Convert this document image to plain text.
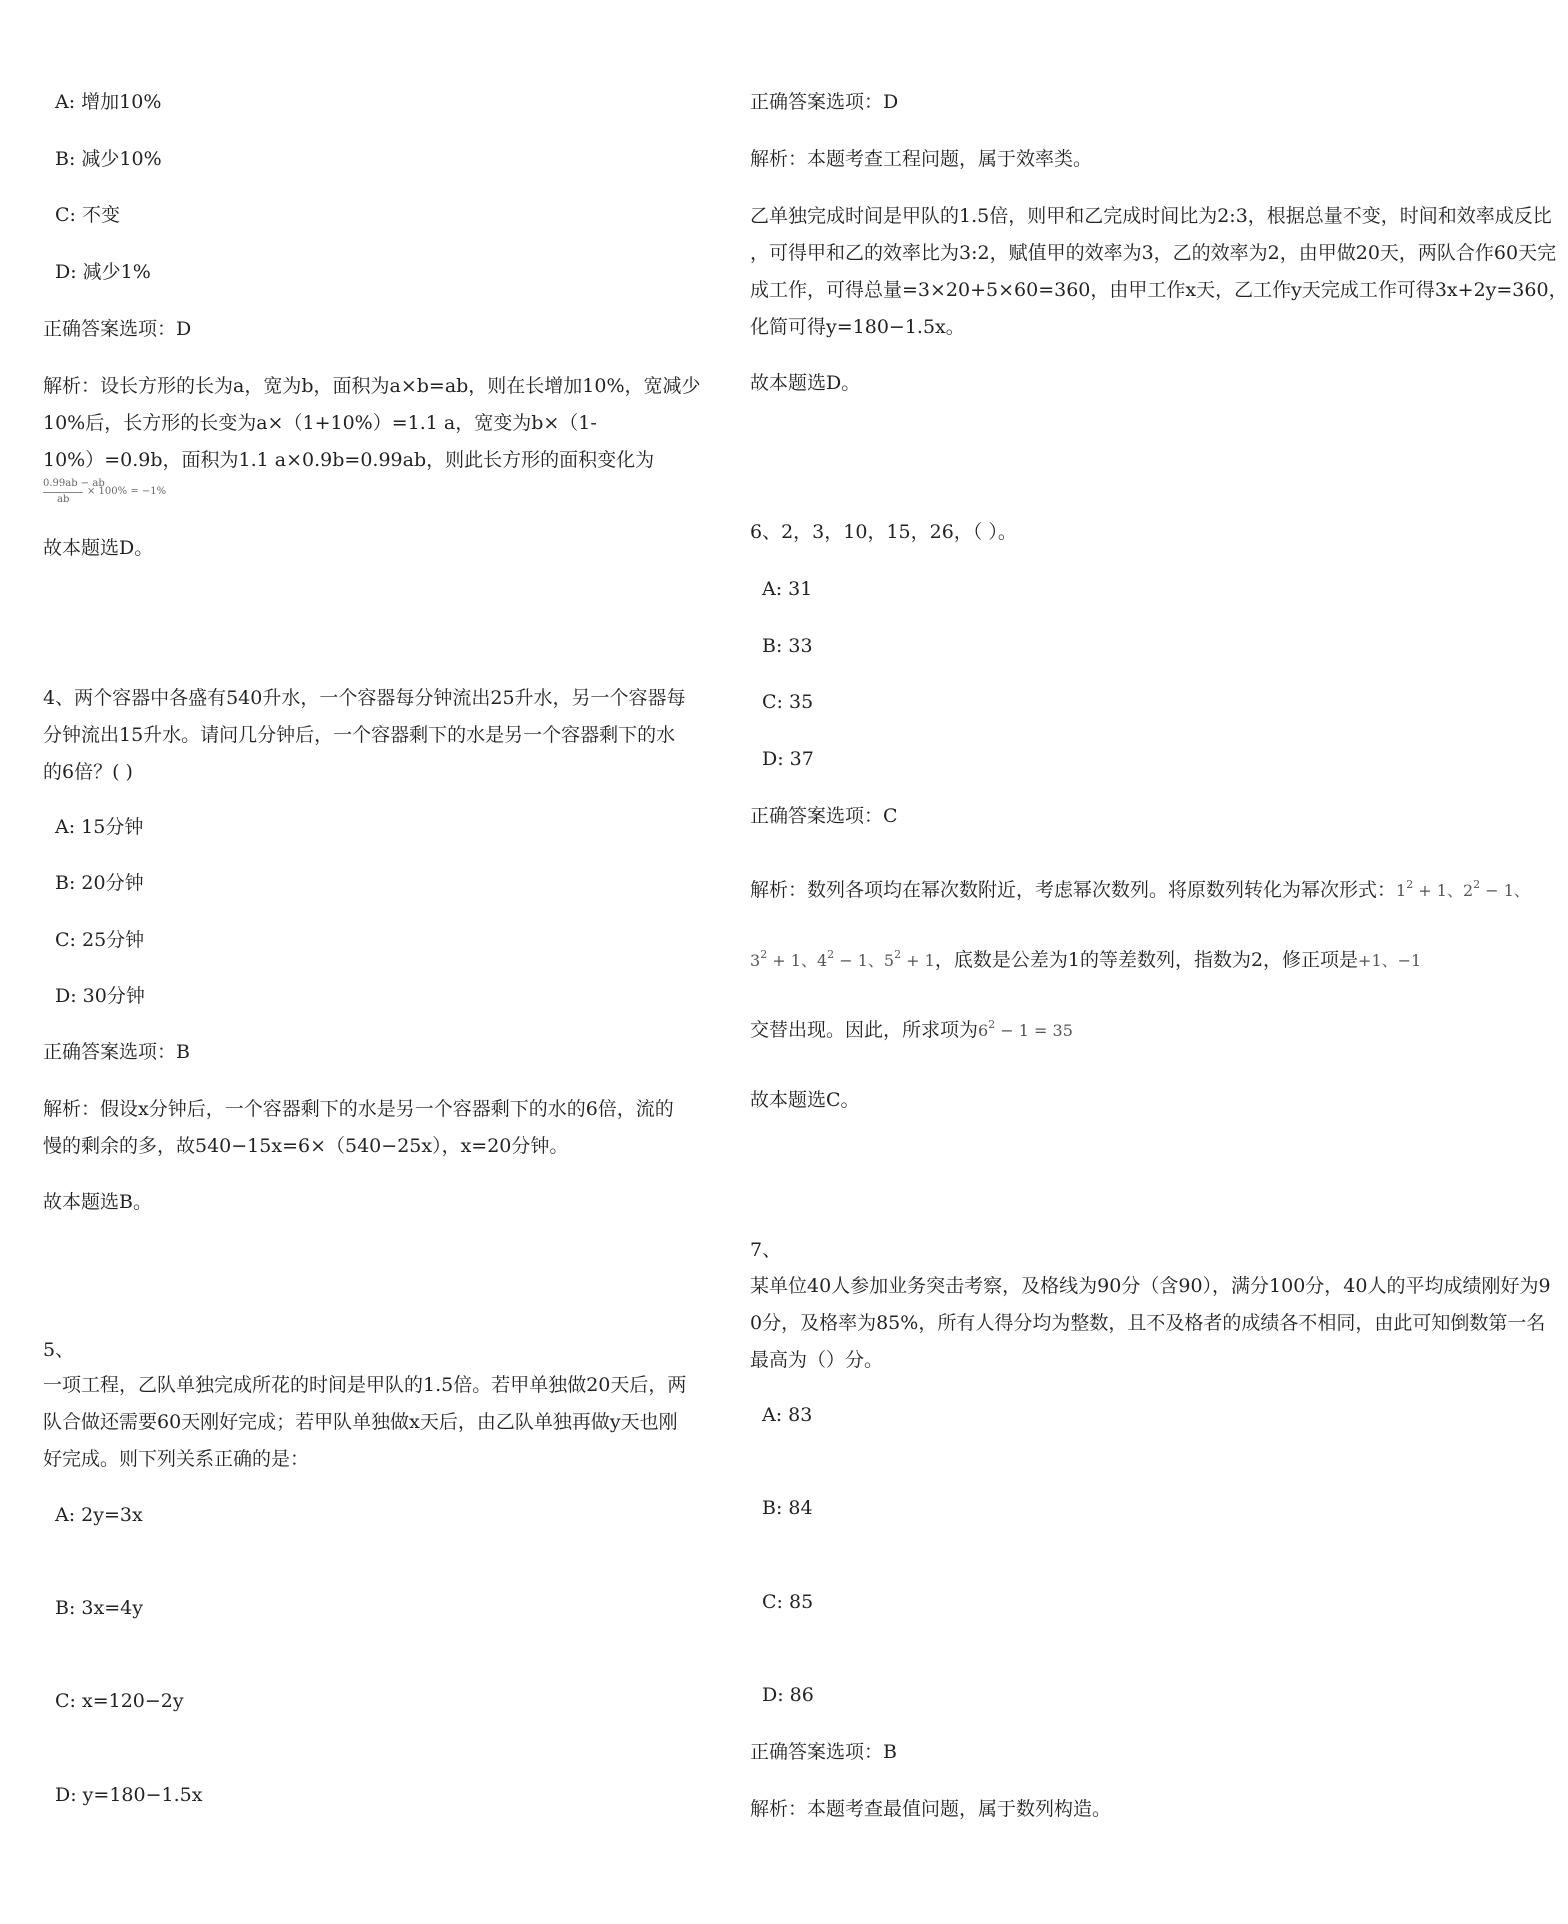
A: 增加10%
B: 减少10%
C: 不变
D: 减少1%
正确答案选项：D
解析：设长方形的长为a，宽为b，面积为a×b=ab，则在长增加10%，宽减少
10%后，长方形的长变为a×（1+10%）=1.1 a，宽变为b×（1-
10%）=0.9b，面积为1.1 a×0.9b=0.99ab，则此长方形的面积变化为
0.99ab − ab
ab
× 100% = −1%
故本题选D。
4、两个容器中各盛有540升水，一个容器每分钟流出25升水，另一个容器每
分钟流出15升水。请问几分钟后，一个容器剩下的水是另一个容器剩下的水
的6倍？( )
A: 15分钟
B: 20分钟
C: 25分钟
D: 30分钟
正确答案选项：B
解析：假设x分钟后，一个容器剩下的水是另一个容器剩下的水的6倍，流的
慢的剩余的多，故540−15x=6×（540−25x），x=20分钟。
故本题选B。
5、
一项工程，乙队单独完成所花的时间是甲队的1.5倍。若甲单独做20天后，两
队合做还需要60天刚好完成；若甲队单独做x天后，由乙队单独再做y天也刚
好完成。则下列关系正确的是：
A: 2y=3x
B: 3x=4y
C: x=120−2y
D: y=180−1.5x
正确答案选项：D
解析：本题考查工程问题，属于效率类。
乙单独完成时间是甲队的1.5倍，则甲和乙完成时间比为2:3，根据总量不变，时间和效率成反比
，可得甲和乙的效率比为3:2，赋值甲的效率为3，乙的效率为2，由甲做20天，两队合作60天完
成工作，可得总量=3×20+5×60=360，由甲工作x天，乙工作y天完成工作可得3x+2y=360，
化简可得y=180−1.5x。
故本题选D。
6、2，3，10，15，26，（ ）。
A: 31
B: 33
C: 35
D: 37
正确答案选项：C
解析：数列各项均在幂次数附近，考虑幂次数列。将原数列转化为幂次形式：$1^2 + 1$、$2^2 - 1$、
$3^2 + 1$、$4^2 - 1$、$5^2 + 1$，底数是公差为1的等差数列，指数为2，修正项是+1、−1
交替出现。因此，所求项为$6^2 - 1 = 35$
故本题选C。
7、
某单位40人参加业务突击考察，及格线为90分（含90），满分100分，40人的平均成绩刚好为9
0分，及格率为85%，所有人得分均为整数，且不及格者的成绩各不相同，由此可知倒数第一名
最高为（）分。
A: 83
B: 84
C: 85
D: 86
正确答案选项：B
解析：本题考查最值问题，属于数列构造。
